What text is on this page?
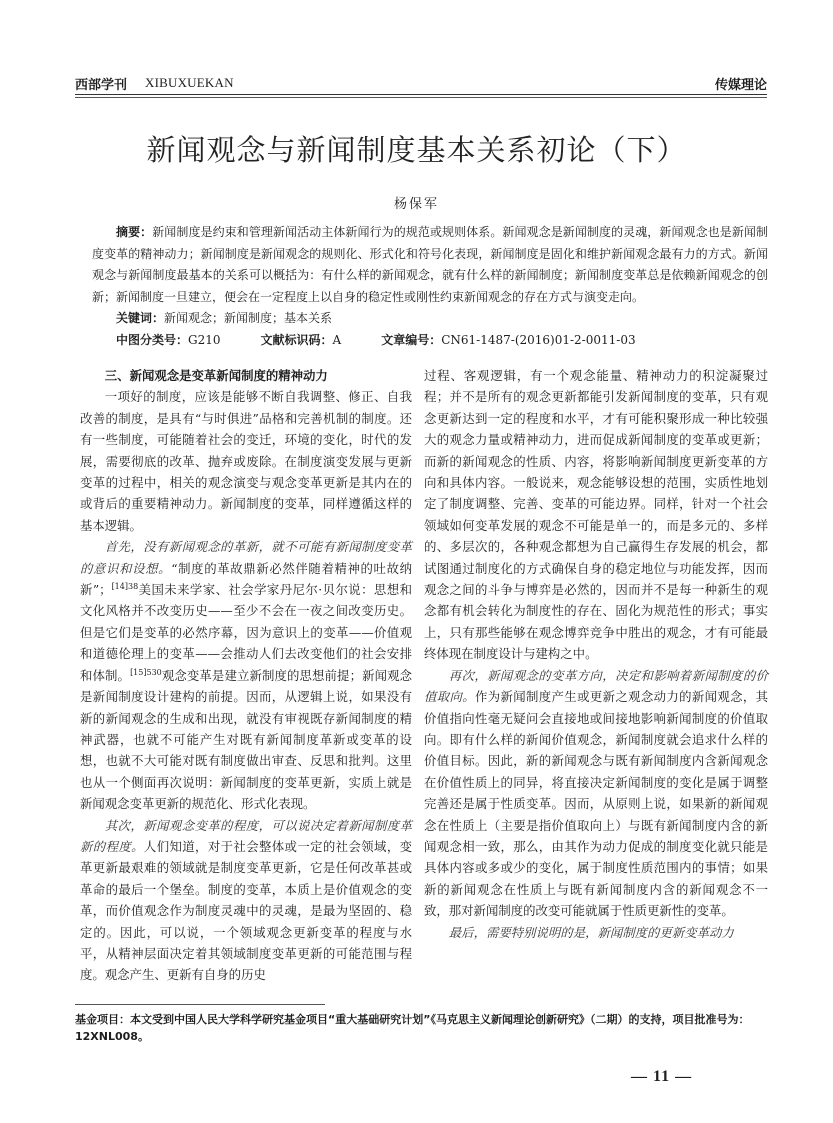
西部学刊 XIBUXUEKAN	传媒理论
新闻观念与新闻制度基本关系初论（下）
杨保军
摘要：新闻制度是约束和管理新闻活动主体新闻行为的规范或规则体系。新闻观念是新闻制度的灵魂，新闻观念也是新闻制度变革的精神动力；新闻制度是新闻观念的规则化、形式化和符号化表现，新闻制度是固化和维护新闻观念最有力的方式。新闻观念与新闻制度最基本的关系可以概括为：有什么样的新闻观念，就有什么样的新闻制度；新闻制度变革总是依赖新闻观念的创新；新闻制度一旦建立，便会在一定程度上以自身的稳定性或刚性约束新闻观念的存在方式与演变走向。
关键词：新闻观念；新闻制度；基本关系
中图分类号：G210	文献标识码：A	文章编号：CN61-1487-(2016)01-2-0011-03
三、新闻观念是变革新闻制度的精神动力

一项好的制度，应该是能够不断自我调整、修正、自我改善的制度，是具有“与时俱进”品格和完善机制的制度。还有一些制度，可能随着社会的变迁，环境的变化，时代的发展，需要彻底的改革、抛弃或废除。在制度演变发展与更新变革的过程中，相关的观念演变与观念变革更新是其内在的或背后的重要精神动力。新闻制度的变革，同样遵循这样的基本逻辑。

首先，没有新闻观念的革新，就不可能有新闻制度变革的意识和设想。“制度的革故鼎新必然伴随着精神的吐故纳新”；$^{[14]38}$美国未来学家、社会学家丹尼尔·贝尔说：思想和文化风格并不改变历史——至少不会在一夜之间改变历史。但是它们是变革的必然序幕，因为意识上的变革——价值观和道德伦理上的变革——会推动人们去改变他们的社会安排和体制。$^{[15]530}$观念变革是建立新制度的思想前提；新闻观念是新闻制度设计建构的前提。因而，从逻辑上说，如果没有新的新闻观念的生成和出现，就没有审视既存新闻制度的精神武器，也就不可能产生对既有新闻制度革新或变革的设想，也就不大可能对既有制度做出审查、反思和批判。这里也从一个侧面再次说明：新闻制度的变革更新，实质上就是新闻观念变革更新的规范化、形式化表现。

其次，新闻观念变革的程度，可以说决定着新闻制度革新的程度。人们知道，对于社会整体或一定的社会领域，变革更新最艰难的领域就是制度变革更新，它是任何改革甚或革命的最后一个堡垒。制度的变革，本质上是价值观念的变革，而价值观念作为制度灵魂中的灵魂，是最为坚固的、稳定的。因此，可以说，一个领域观念更新变革的程度与水平，从精神层面决定着其领域制度变革更新的可能范围与程度。观念产生、更新有自身的历史

过程、客观逻辑，有一个观念能量、精神动力的积淀凝聚过程；并不是所有的观念更新都能引发新闻制度的变革，只有观念更新达到一定的程度和水平，才有可能积聚形成一种比较强大的观念力量或精神动力，进而促成新闻制度的变革或更新；而新的新闻观念的性质、内容，将影响新闻制度更新变革的方向和具体内容。一般说来，观念能够设想的范围，实质性地划定了制度调整、完善、变革的可能边界。同样，针对一个社会领域如何变革发展的观念不可能是单一的，而是多元的、多样的、多层次的，各种观念都想为自己赢得生存发展的机会，都试图通过制度化的方式确保自身的稳定地位与功能发挥，因而观念之间的斗争与博弈是必然的，因而并不是每一种新生的观念都有机会转化为制度性的存在、固化为规范性的形式；事实上，只有那些能够在观念博弈竞争中胜出的观念，才有可能最终体现在制度设计与建构之中。

再次，新闻观念的变革方向，决定和影响着新闻制度的价值取向。作为新闻制度产生或更新之观念动力的新闻观念，其价值指向性毫无疑问会直接地或间接地影响新闻制度的价值取向。即有什么样的新闻价值观念，新闻制度就会追求什么样的价值目标。因此，新的新闻观念与既有新闻制度内含新闻观念在价值性质上的同异，将直接决定新闻制度的变化是属于调整完善还是属于性质变革。因而，从原则上说，如果新的新闻观念在性质上（主要是指价值取向上）与既有新闻制度内含的新闻观念相一致，那么，由其作为动力促成的制度变化就只能是具体内容或多或少的变化，属于制度性质范围内的事情；如果新的新闻观念在性质上与既有新闻制度内含的新闻观念不一致，那对新闻制度的改变可能就属于性质更新性的变革。

最后，需要特别说明的是，新闻制度的更新变革动力

基金项目：本文受到中国人民大学科学研究基金项目“重大基础研究计划”《马克思主义新闻理论创新研究》（二期）的支持，项目批准号为：12XNL008。
— 11 —
